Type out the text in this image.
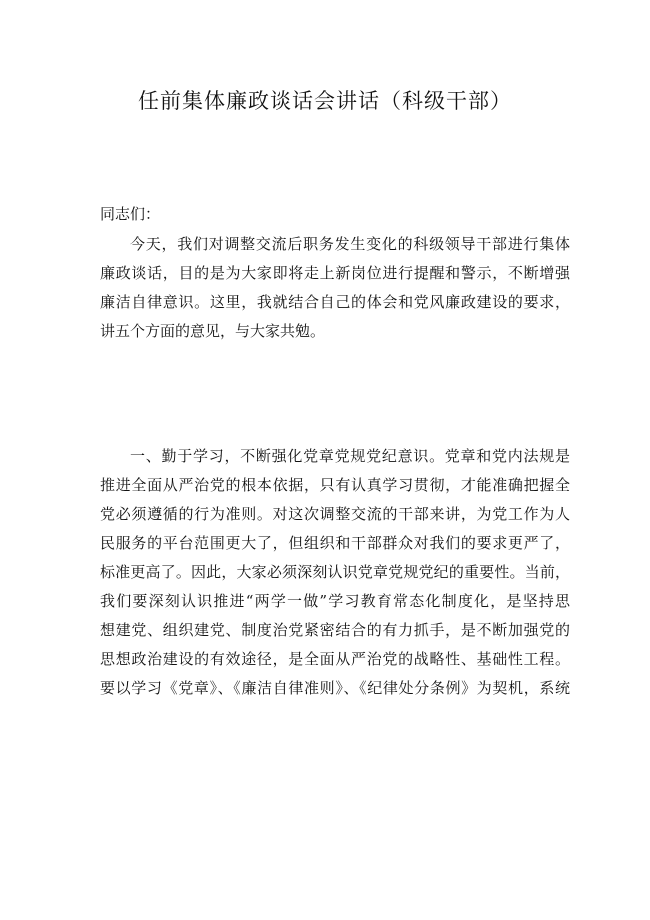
任前集体廉政谈话会讲话（科级干部）
同志们：
今天，我们对调整交流后职务发生变化的科级领导干部进行集体
廉政谈话，目的是为大家即将走上新岗位进行提醒和警示，不断增强
廉洁自律意识。这里，我就结合自己的体会和党风廉政建设的要求，
讲五个方面的意见，与大家共勉。
一、勤于学习，不断强化党章党规党纪意识。党章和党内法规是
推进全面从严治党的根本依据，只有认真学习贯彻，才能准确把握全
党必须遵循的行为准则。对这次调整交流的干部来讲，为党工作为人
民服务的平台范围更大了，但组织和干部群众对我们的要求更严了，
标准更高了。因此，大家必须深刻认识党章党规党纪的重要性。当前，
我们要深刻认识推进“两学一做”学习教育常态化制度化，是坚持思
想建党、组织建党、制度治党紧密结合的有力抓手，是不断加强党的
思想政治建设的有效途径，是全面从严治党的战略性、基础性工程。
要以学习《党章》、《廉洁自律准则》、《纪律处分条例》为契机，系统
